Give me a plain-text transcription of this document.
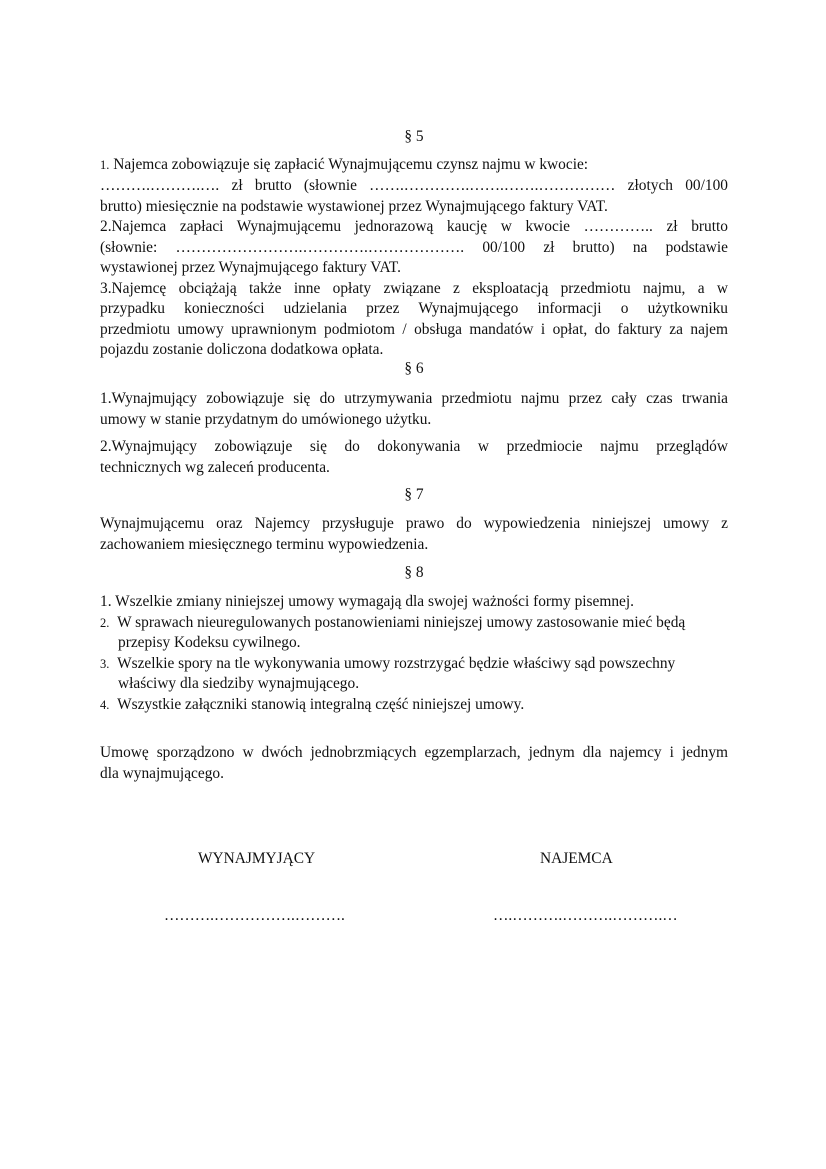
§ 5
1. Najemca zobowiązuje się zapłacić Wynajmującemu czynsz najmu w kwocie:
……….……….…. zł brutto (słownie …….………….…….…….…………… złotych 00/100
brutto) miesięcznie na podstawie wystawionej przez Wynajmującego faktury VAT.
2.Najemca zapłaci Wynajmującemu jednorazową kaucję w kwocie ………….. zł brutto
(słownie: …………………….………….………………. 00/100 zł brutto) na podstawie
wystawionej przez Wynajmującego faktury VAT.
3.Najemcę obciążają także inne opłaty związane z eksploatacją przedmiotu najmu, a w
przypadku konieczności udzielania przez Wynajmującego informacji o użytkowniku
przedmiotu umowy uprawnionym podmiotom / obsługa mandatów i opłat, do faktury za najem
pojazdu zostanie doliczona dodatkowa opłata.
§ 6
1.Wynajmujący zobowiązuje się do utrzymywania przedmiotu najmu przez cały czas trwania
umowy w stanie przydatnym do umówionego użytku.
2.Wynajmujący zobowiązuje się do dokonywania w przedmiocie najmu przeglądów
technicznych wg zaleceń producenta.
§ 7
Wynajmującemu oraz Najemcy przysługuje prawo do wypowiedzenia niniejszej umowy z
zachowaniem miesięcznego terminu wypowiedzenia.
§ 8
1. Wszelkie zmiany niniejszej umowy wymagają dla swojej ważności formy pisemnej.
2. W sprawach nieuregulowanych postanowieniami niniejszej umowy zastosowanie mieć będą
przepisy Kodeksu cywilnego.
3. Wszelkie spory na tle wykonywania umowy rozstrzygać będzie właściwy sąd powszechny
właściwy dla siedziby wynajmującego.
4. Wszystkie załączniki stanowią integralną część niniejszej umowy.
Umowę sporządzono w dwóch jednobrzmiących egzemplarzach, jednym dla najemcy i jednym
dla wynajmującego.
WYNAJMYJĄCY	NAJEMCA
……….…………….……….	….……….……….……….…
